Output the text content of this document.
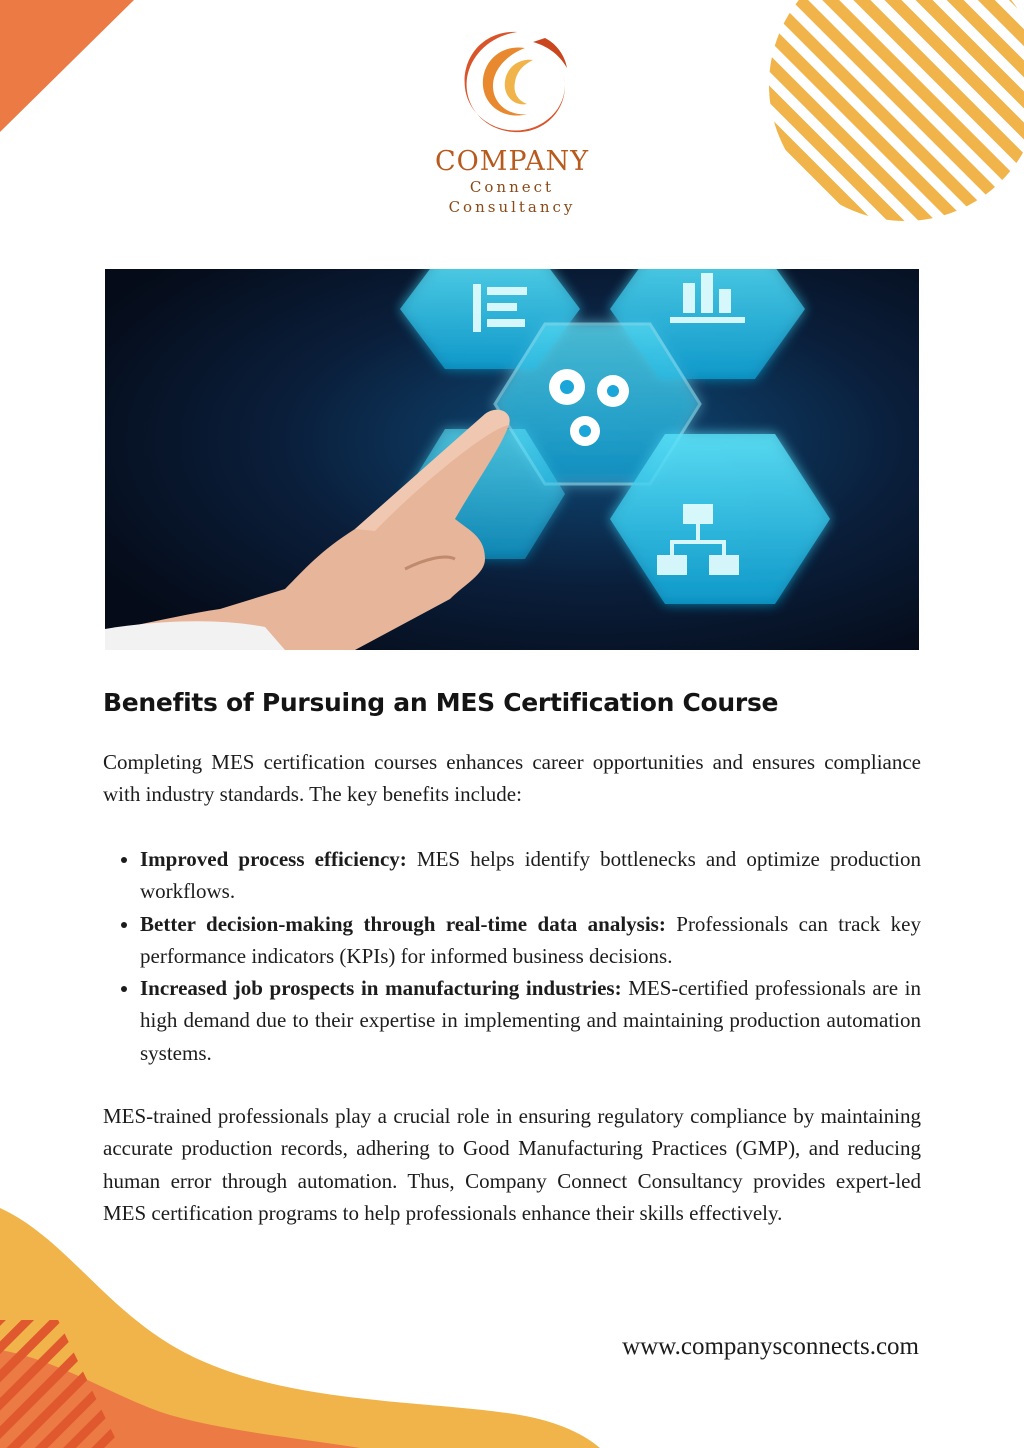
COMPANY
Connect
Consultancy
Benefits of Pursuing an MES Certification Course

Completing MES certification courses enhances career opportunities and ensures compliance with industry standards. The key benefits include:

• Improved process efficiency: MES helps identify bottlenecks and optimize production workflows.
• Better decision-making through real-time data analysis: Professionals can track key performance indicators (KPIs) for informed business decisions.
• Increased job prospects in manufacturing industries: MES-certified professionals are in high demand due to their expertise in implementing and maintaining production automation systems.

MES-trained professionals play a crucial role in ensuring regulatory compliance by maintaining accurate production records, adhering to Good Manufacturing Practices (GMP), and reducing human error through automation. Thus, Company Connect Consultancy provides expert-led MES certification programs to help professionals enhance their skills effectively.

www.companysconnects.com
